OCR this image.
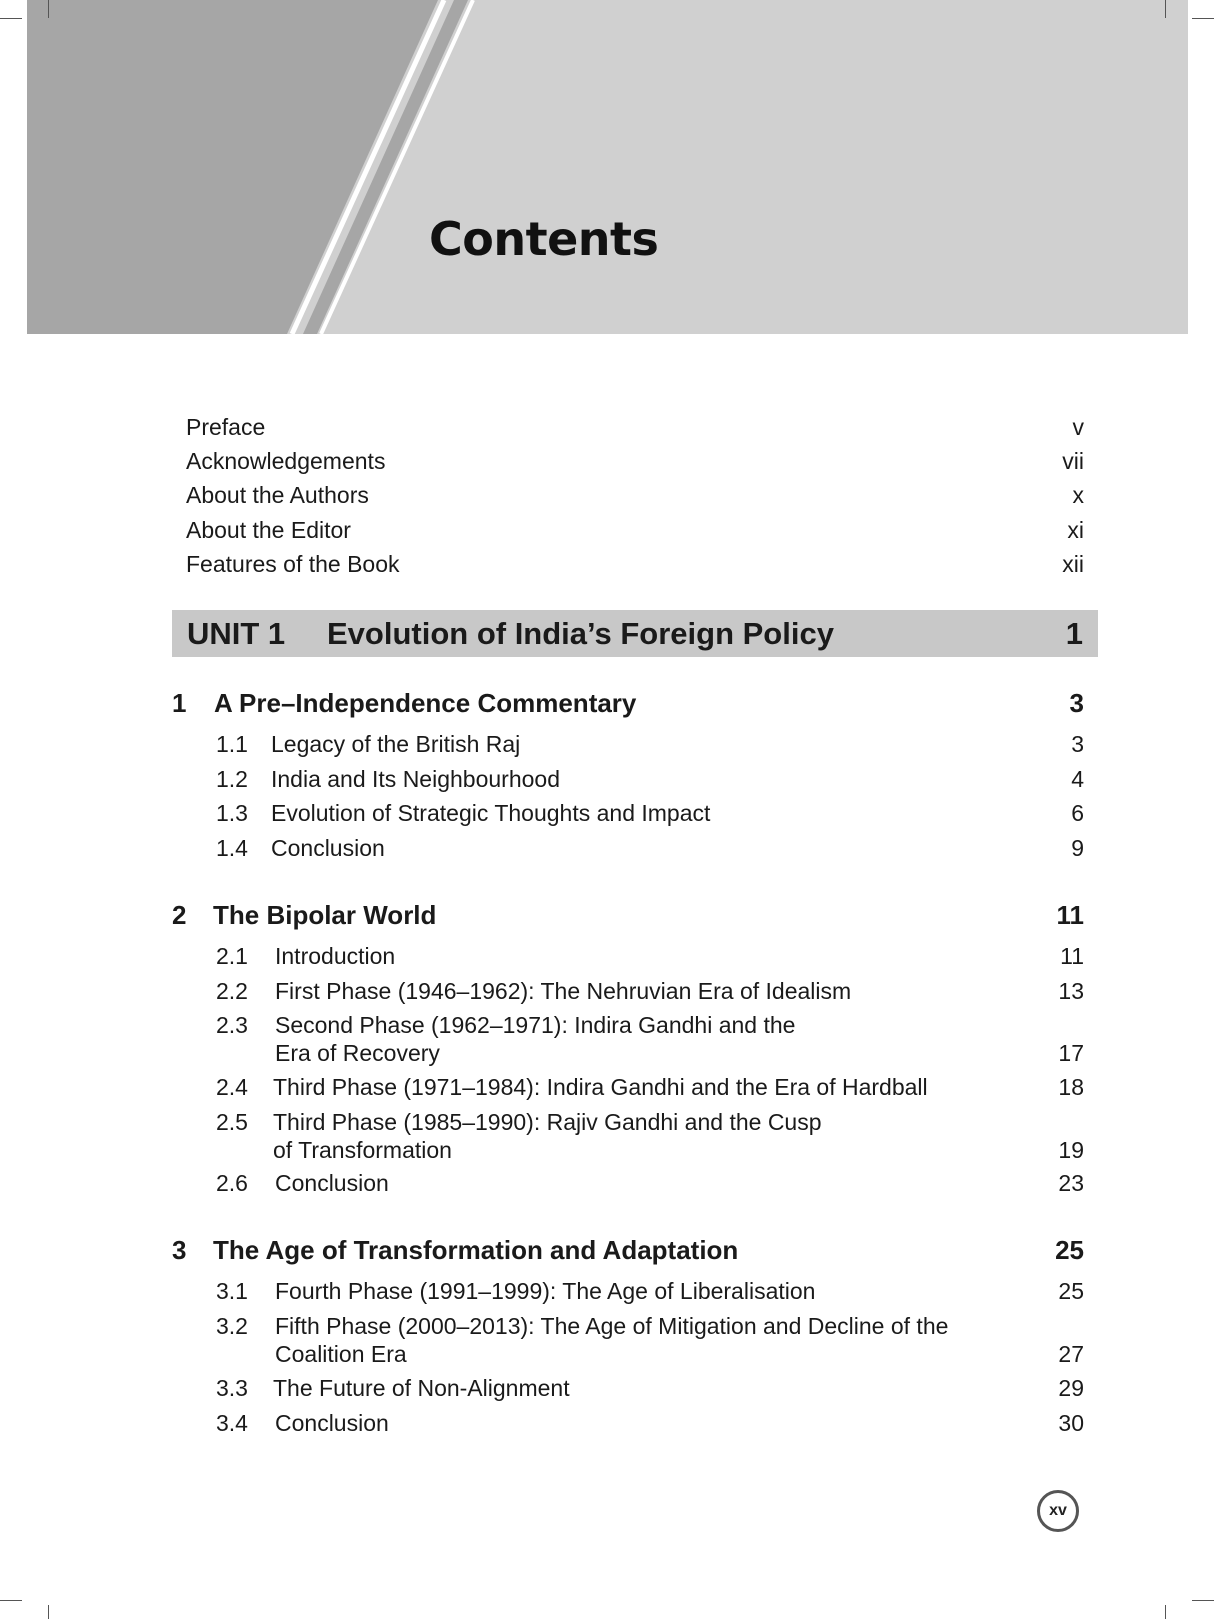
Contents
Preface	v
Acknowledgements	vii
About the Authors	x
About the Editor	xi
Features of the Book	xii
UNIT 1 Evolution of India’s Foreign Policy	1
1 A Pre–Independence Commentary	3
1.1 Legacy of the British Raj	3
1.2 India and Its Neighbourhood	4
1.3 Evolution of Strategic Thoughts and Impact	6
1.4 Conclusion	9
2 The Bipolar World	11
2.1 Introduction	11
2.2 First Phase (1946–1962): The Nehruvian Era of Idealism	13
2.3 Second Phase (1962–1971): Indira Gandhi and the
Era of Recovery	17
2.4 Third Phase (1971–1984): Indira Gandhi and the Era of Hardball	18
2.5 Third Phase (1985–1990): Rajiv Gandhi and the Cusp
of Transformation	19
2.6 Conclusion	23
3 The Age of Transformation and Adaptation	25
3.1 Fourth Phase (1991–1999): The Age of Liberalisation	25
3.2 Fifth Phase (2000–2013): The Age of Mitigation and Decline of the
Coalition Era	27
3.3 The Future of Non-Alignment	29
3.4 Conclusion	30
xv
